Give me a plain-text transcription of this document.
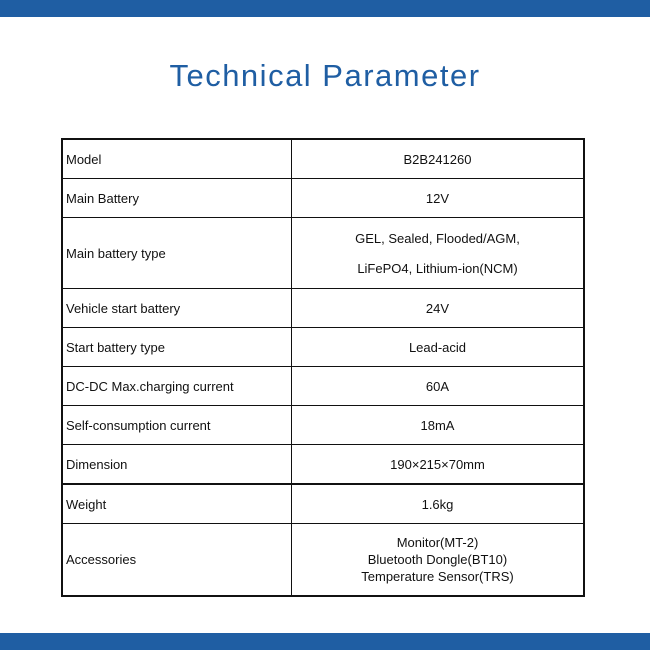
Technical Parameter
Model	B2B241260
Main Battery	12V
Main battery type	GEL, Sealed, Flooded/AGM,
LiFePO4, Lithium-ion(NCM)

Vehicle start battery	24V
Start battery type	Lead-acid
DC-DC Max.charging current	60A
Self-consumption current	18mA
Dimension	190×215×70mm
Weight	1.6kg
Accessories	Monitor(MT-2)
Bluetooth Dongle(BT10)
Temperature Sensor(TRS)
